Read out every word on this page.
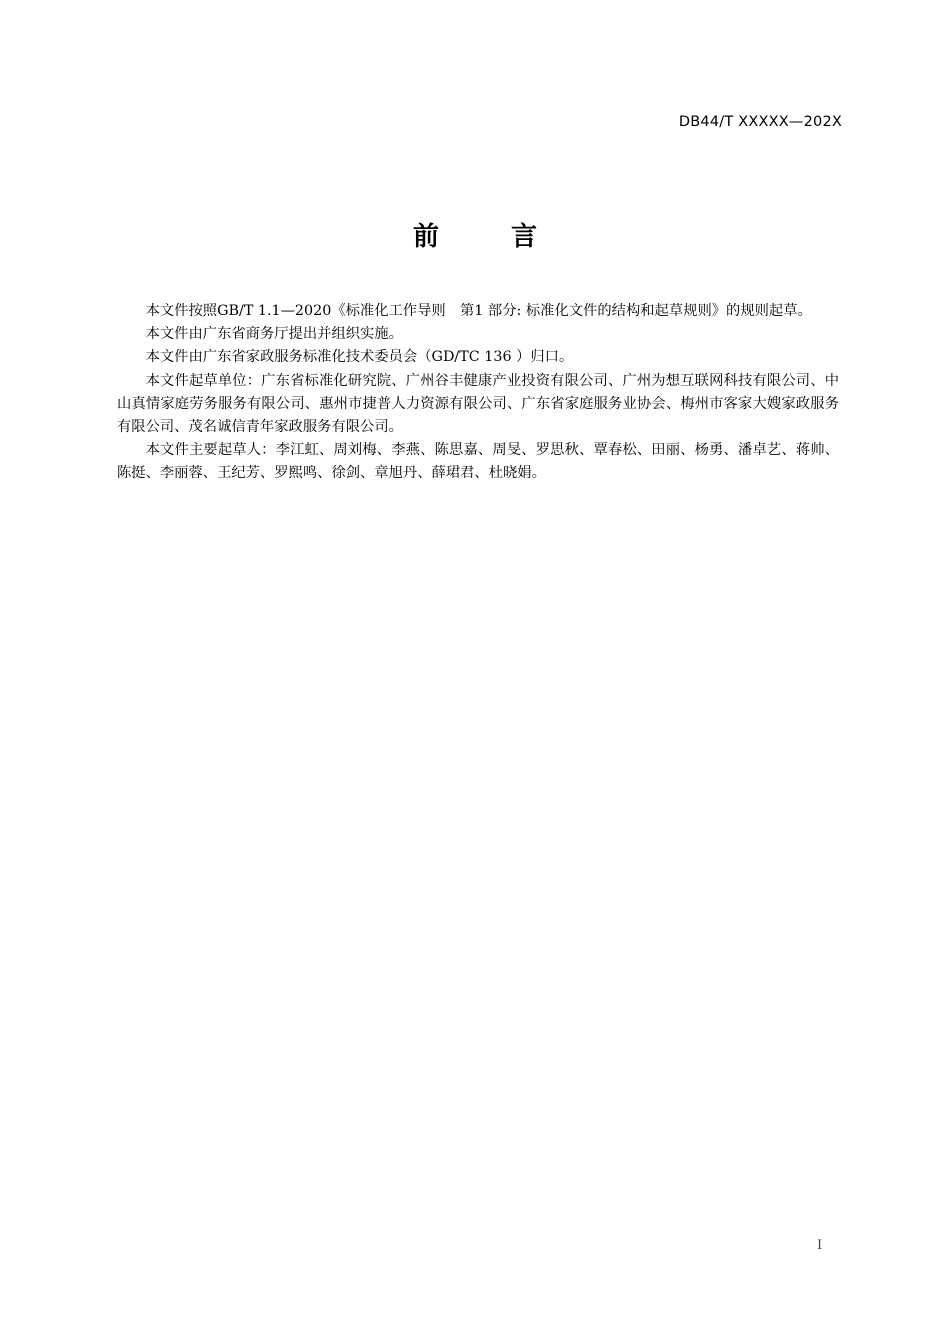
DB44/T XXXXX—202X
前	言

本文件按照GB/T 1.1—2020《标准化工作导则　第1 部分: 标准化文件的结构和起草规则》的规则起草。

本文件由广东省商务厅提出并组织实施。

本文件由广东省家政服务标准化技术委员会（GD/TC 136 ）归口。

本文件起草单位：广东省标准化研究院、广州谷丰健康产业投资有限公司、广州为想互联网科技有限公司、中山真情家庭劳务服务有限公司、惠州市捷普人力资源有限公司、广东省家庭服务业协会、梅州市客家大嫂家政服务有限公司、茂名诚信青年家政服务有限公司。

本文件主要起草人：李江虹、周刘梅、李燕、陈思嘉、周旻、罗思秋、覃春松、田丽、杨勇、潘卓艺、蒋帅、陈挺、李丽蓉、王纪芳、罗熙鸣、徐剑、章旭丹、薛珺君、杜晓娟。

I
